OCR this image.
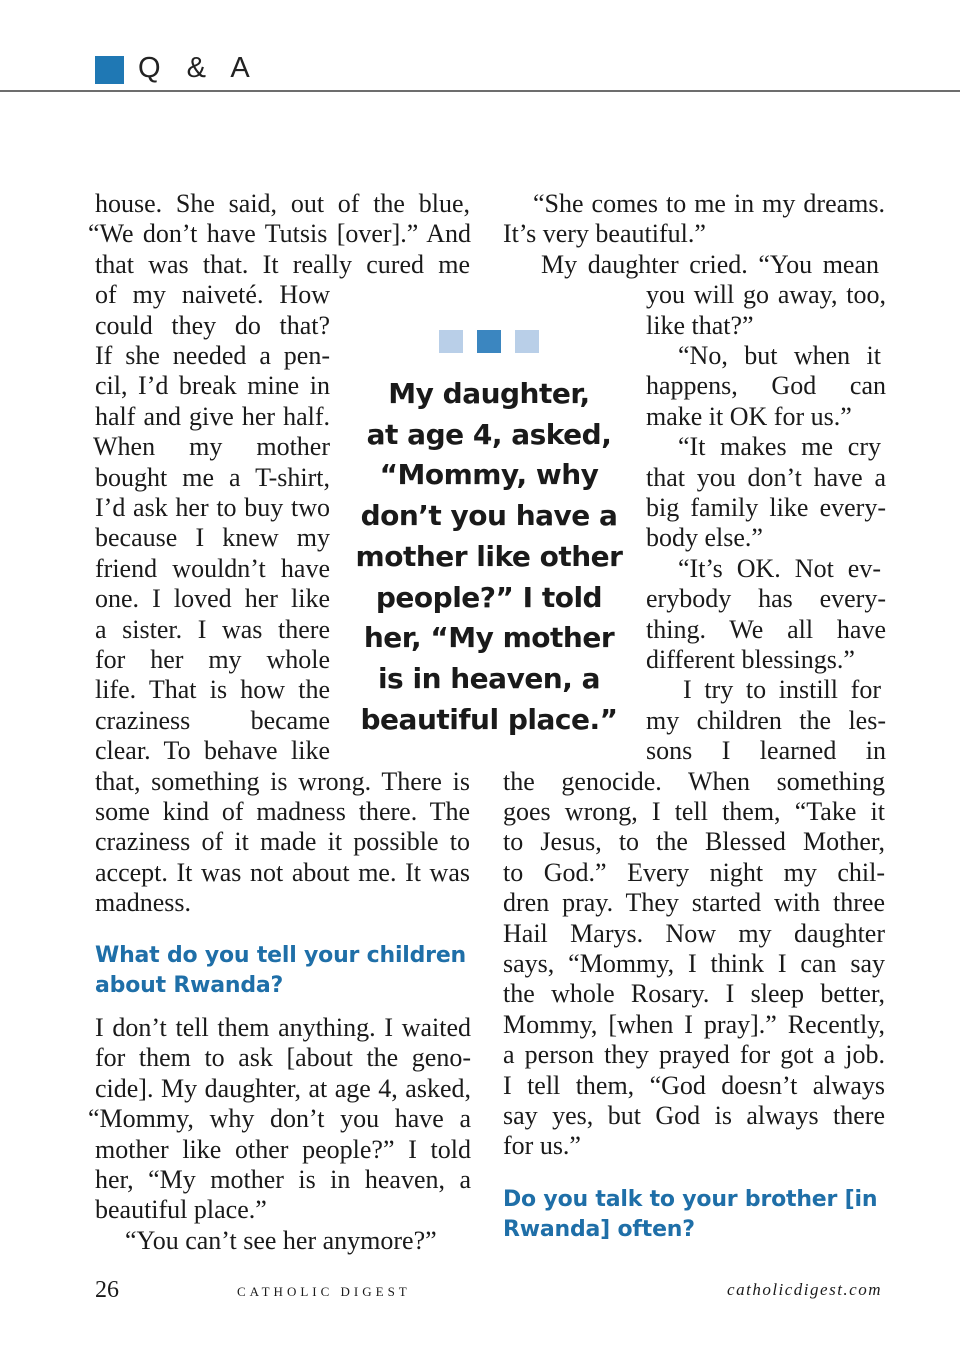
Q & A
house. She said, out of the blue,
“We don’t have Tutsis [over].” And
that was that. It really cured me
of my naiveté. How
could they do that?
If she needed a pen-
cil, I’d break mine in
half and give her half.
When my mother
bought me a T-shirt,
I’d ask her to buy two
because I knew my
friend wouldn’t have
one. I loved her like
a sister. I was there
for her my whole
life. That is how the
craziness became
clear. To behave like
that, something is wrong. There is
some kind of madness there. The
craziness of it made it possible to
accept. It was not about me. It was
madness.
What do you tell your children
about Rwanda?
I don’t tell them anything. I waited
for them to ask [about the geno-
cide]. My daughter, at age 4, asked,
“Mommy, why don’t you have a
mother like other people?” I told
her, “My mother is in heaven, a
beautiful place.”
“You can’t see her anymore?”
My daughter,
at age 4, asked,
“Mommy, why
don’t you have a
mother like other
people?” I told
her, “My mother
is in heaven, a
beautiful place.”
“She comes to me in my dreams.
It’s very beautiful.”
My daughter cried. “You mean
you will go away, too,
like that?”
“No, but when it
happens, God can
make it OK for us.”
“It makes me cry
that you don’t have a
big family like every-
body else.”
“It’s OK. Not ev-
erybody has every-
thing. We all have
different blessings.”
I try to instill for
my children the les-
sons I learned in
the genocide. When something
goes wrong, I tell them, “Take it
to Jesus, to the Blessed Mother,
to God.” Every night my chil-
dren pray. They started with three
Hail Marys. Now my daughter
says, “Mommy, I think I can say
the whole Rosary. I sleep better,
Mommy, [when I pray].” Recently,
a person they prayed for got a job.
I tell them, “God doesn’t always
say yes, but God is always there
for us.”
Do you talk to your brother [in
Rwanda] often?
26	CATHOLIC DIGEST	catholicdigest.com
